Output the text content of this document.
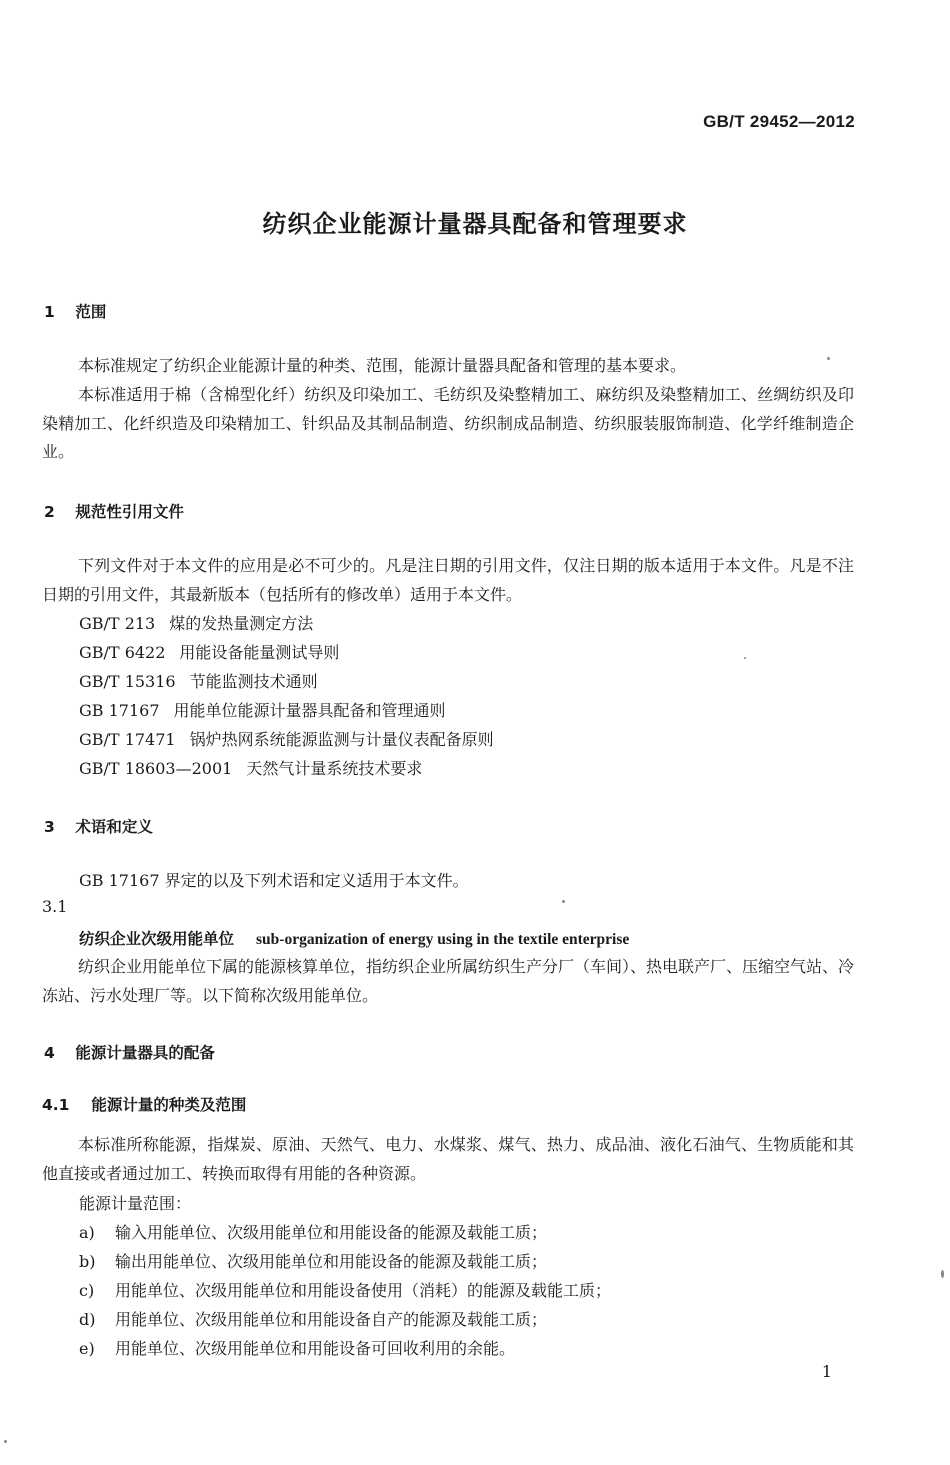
GB/T 29452—2012
纺织企业能源计量器具配备和管理要求
1 范围
本标准规定了纺织企业能源计量的种类、范围，能源计量器具配备和管理的基本要求。
本标准适用于棉（含棉型化纤）纺织及印染加工、毛纺织及染整精加工、麻纺织及染整精加工、丝绸纺织及印染精加工、化纤织造及印染精加工、针织品及其制品制造、纺织制成品制造、纺织服装服饰制造、化学纤维制造企业。
2 规范性引用文件
下列文件对于本文件的应用是必不可少的。凡是注日期的引用文件，仅注日期的版本适用于本文件。凡是不注日期的引用文件，其最新版本（包括所有的修改单）适用于本文件。
GB/T 213 煤的发热量测定方法
GB/T 6422 用能设备能量测试导则
GB/T 15316 节能监测技术通则
GB 17167 用能单位能源计量器具配备和管理通则
GB/T 17471 锅炉热网系统能源监测与计量仪表配备原则
GB/T 18603—2001 天然气计量系统技术要求
3 术语和定义
GB 17167 界定的以及下列术语和定义适用于本文件。
3.1
纺织企业次级用能单位 sub-organization of energy using in the textile enterprise
纺织企业用能单位下属的能源核算单位，指纺织企业所属纺织生产分厂（车间）、热电联产厂、压缩空气站、冷冻站、污水处理厂等。以下简称次级用能单位。
4 能源计量器具的配备
4.1 能源计量的种类及范围
本标准所称能源，指煤炭、原油、天然气、电力、水煤浆、煤气、热力、成品油、液化石油气、生物质能和其他直接或者通过加工、转换而取得有用能的各种资源。
能源计量范围：
a) 输入用能单位、次级用能单位和用能设备的能源及载能工质；
b) 输出用能单位、次级用能单位和用能设备的能源及载能工质；
c) 用能单位、次级用能单位和用能设备使用（消耗）的能源及载能工质；
d) 用能单位、次级用能单位和用能设备自产的能源及载能工质；
e) 用能单位、次级用能单位和用能设备可回收利用的余能。
1
